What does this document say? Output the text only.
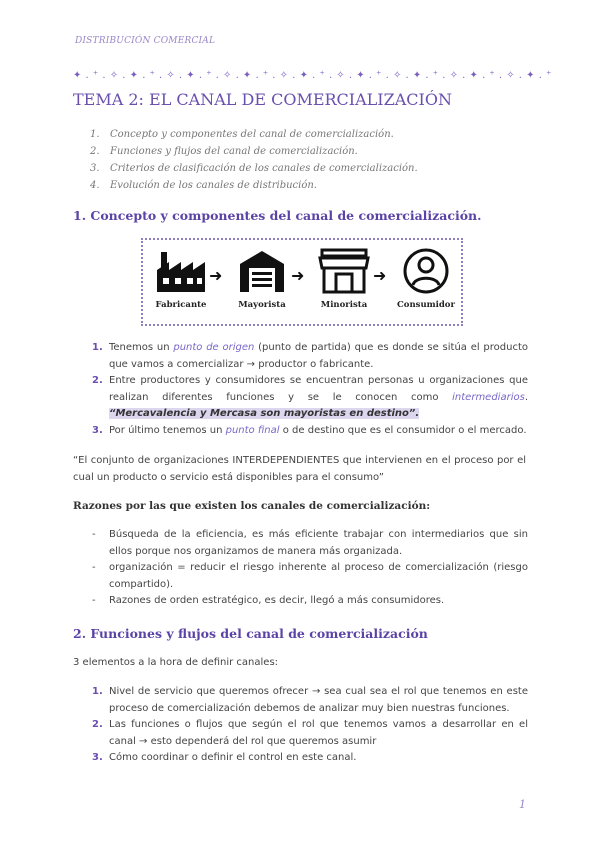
DISTRIBUCIÓN COMERCIAL
✦ . ⁺ . ✧ . ✦ . ⁺ . ✧ . ✦ . ⁺ . ✧ . ✦ . ⁺ . ✧ . ✦ . ⁺ . ✧ . ✦ . ⁺ . ✧ . ✦ . ⁺ . ✧ . ✦ . ⁺ . ✧ . ✦ . ⁺
TEMA 2: EL CANAL DE COMERCIALIZACIÓN
1. Concepto y componentes del canal de comercialización.
2. Funciones y flujos del canal de comercialización.
3. Criterios de clasificación de los canales de comercialización.
4. Evolución de los canales de distribución.
1. Concepto y componentes del canal de comercialización.
Fabricante
➜
Mayorista
➜
Minorista
➜
Consumidor
1. Tenemos un punto de origen (punto de partida) que es donde se sitúa el producto que vamos a comercializar → productor o fabricante.
2. Entre productores y consumidores se encuentran personas u organizaciones que realizan diferentes funciones y se le conocen como intermediarios. “Mercavalencia y Mercasa son mayoristas en destino”.
3. Por último tenemos un punto final o de destino que es el consumidor o el mercado.
“El conjunto de organizaciones INTERDEPENDIENTES que intervienen en el proceso por el cual un producto o servicio está disponibles para el consumo”
Razones por las que existen los canales de comercialización:
- Búsqueda de la eficiencia, es más eficiente trabajar con intermediarios que sin ellos porque nos organizamos de manera más organizada.
- organización = reducir el riesgo inherente al proceso de comercialización (riesgo compartido).
- Razones de orden estratégico, es decir, llegó a más consumidores.
2. Funciones y flujos del canal de comercialización
3 elementos a la hora de definir canales:
1. Nivel de servicio que queremos ofrecer → sea cual sea el rol que tenemos en este proceso de comercialización debemos de analizar muy bien nuestras funciones.
2. Las funciones o flujos que según el rol que tenemos vamos a desarrollar en el canal → esto dependerá del rol que queremos asumir
3. Cómo coordinar o definir el control en este canal.
1
